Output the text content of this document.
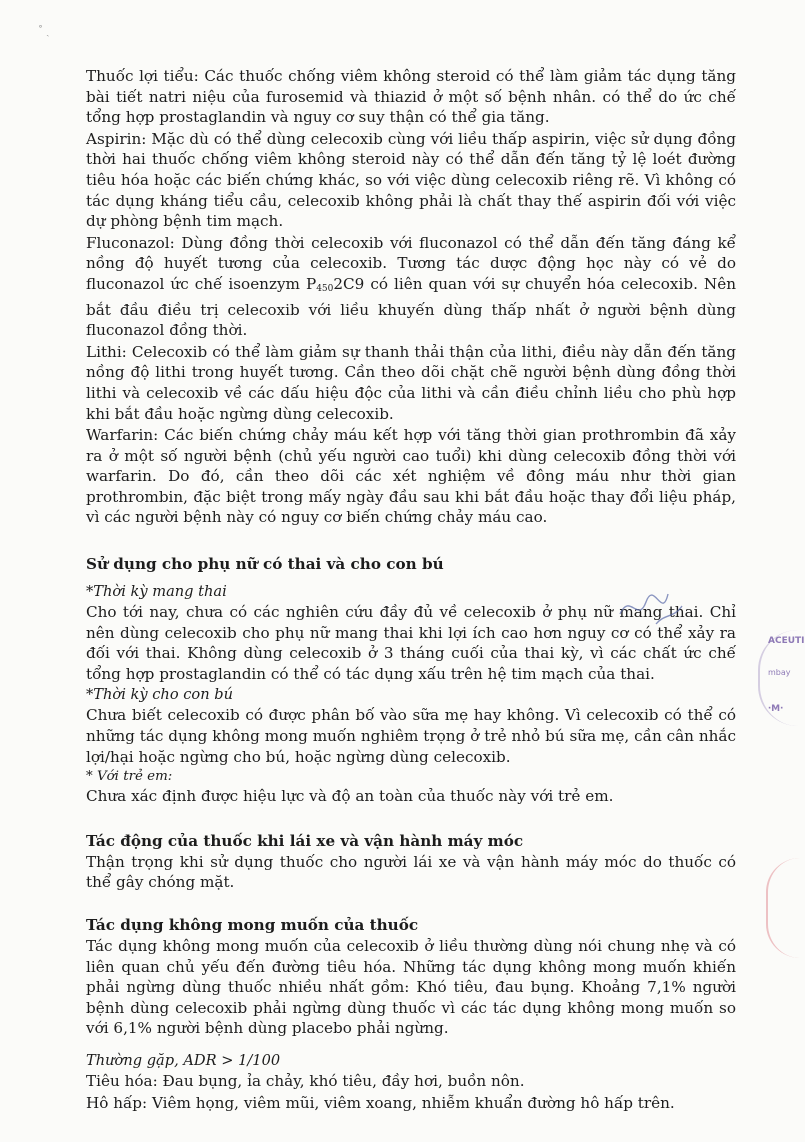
˚ ˎ

Thuốc lợi tiểu: Các thuốc chống viêm không steroid có thể làm giảm tác dụng tăng bài tiết natri niệu của furosemid và thiazid ở một số bệnh nhân. có thể do ức chế tổng hợp prostaglandin và nguy cơ suy thận có thể gia tăng.

Aspirin: Mặc dù có thể dùng celecoxib cùng với liều thấp aspirin, việc sử dụng đồng thời hai thuốc chống viêm không steroid này có thể dẫn đến tăng tỷ lệ loét đường tiêu hóa hoặc các biến chứng khác, so với việc dùng celecoxib riêng rẽ. Vì không có tác dụng kháng tiểu cầu, celecoxib không phải là chất thay thế aspirin đối với việc dự phòng bệnh tim mạch.

Fluconazol: Dùng đồng thời celecoxib với fluconazol có thể dẫn đến tăng đáng kể nồng độ huyết tương của celecoxib. Tương tác dược động học này có vẻ do fluconazol ức chế isoenzym $P_{450}2C9$ có liên quan với sự chuyển hóa celecoxib. Nên bắt đầu điều trị celecoxib với liều khuyến dùng thấp nhất ở người bệnh dùng fluconazol đồng thời.

Lithi: Celecoxib có thể làm giảm sự thanh thải thận của lithi, điều này dẫn đến tăng nồng độ lithi trong huyết tương. Cần theo dõi chặt chẽ người bệnh dùng đồng thời lithi và celecoxib về các dấu hiệu độc của lithi và cần điều chỉnh liều cho phù hợp khi bắt đầu hoặc ngừng dùng celecoxib.

Warfarin: Các biến chứng chảy máu kết hợp với tăng thời gian prothrombin đã xảy ra ở một số người bệnh (chủ yếu người cao tuổi) khi dùng celecoxib đồng thời với warfarin. Do đó, cần theo dõi các xét nghiệm về đông máu như thời gian prothrombin, đặc biệt trong mấy ngày đầu sau khi bắt đầu hoặc thay đổi liệu pháp, vì các người bệnh này có nguy cơ biến chứng chảy máu cao.

Sử dụng cho phụ nữ có thai và cho con bú

*Thời kỳ mang thai

Cho tới nay, chưa có các nghiên cứu đầy đủ về celecoxib ở phụ nữ mang thai. Chỉ nên dùng celecoxib cho phụ nữ mang thai khi lợi ích cao hơn nguy cơ có thể xảy ra đối với thai. Không dùng celecoxib ở 3 tháng cuối của thai kỳ, vì các chất ức chế tổng hợp prostaglandin có thể có tác dụng xấu trên hệ tim mạch của thai.

*Thời kỳ cho con bú

Chưa biết celecoxib có được phân bố vào sữa mẹ hay không. Vì celecoxib có thể có những tác dụng không mong muốn nghiêm trọng ở trẻ nhỏ bú sữa mẹ, cần cân nhắc lợi/hại hoặc ngừng cho bú, hoặc ngừng dùng celecoxib.

* Với trẻ em:

Chưa xác định được hiệu lực và độ an toàn của thuốc này với trẻ em.

Tác động của thuốc khi lái xe và vận hành máy móc

Thận trọng khi sử dụng thuốc cho người lái xe và vận hành máy móc do thuốc có thể gây chóng mặt.

Tác dụng không mong muốn của thuốc

Tác dụng không mong muốn của celecoxib ở liều thường dùng nói chung nhẹ và có liên quan chủ yếu đến đường tiêu hóa. Những tác dụng không mong muốn khiến phải ngừng dùng thuốc nhiều nhất gồm: Khó tiêu, đau bụng. Khoảng 7,1% người bệnh dùng celecoxib phải ngừng dùng thuốc vì các tác dụng không mong muốn so với 6,1% người bệnh dùng placebo phải ngừng.

Thường gặp, ADR > 1/100

Tiêu hóa: Đau bụng, ỉa chảy, khó tiêu, đầy hơi, buồn nôn.

Hô hấp: Viêm họng, viêm mũi, viêm xoang, nhiễm khuẩn đường hô hấp trên.

ACEUTI
mbay
‧M‧
